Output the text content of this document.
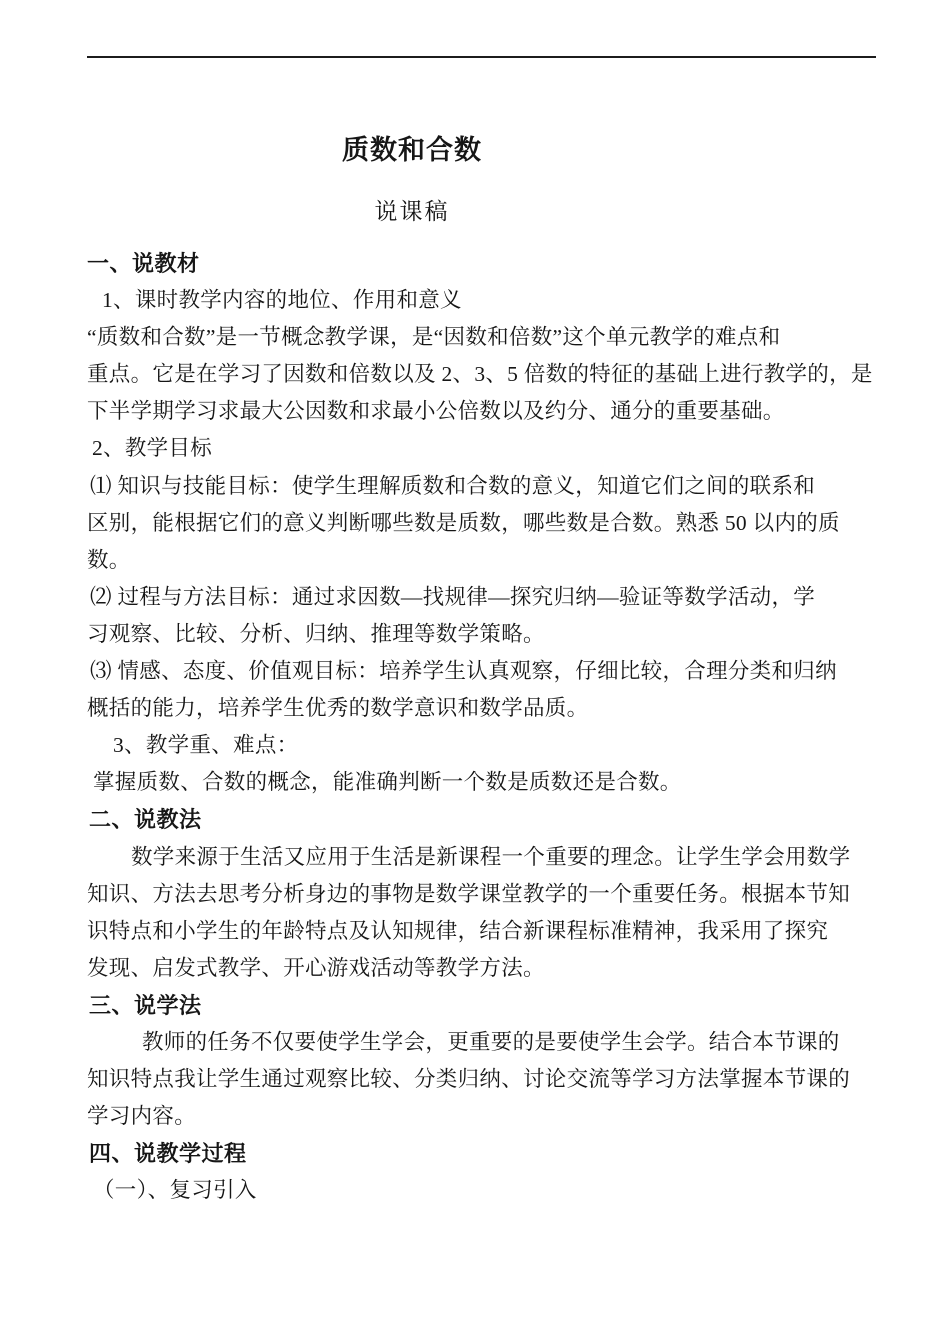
质数和合数
说课稿

一、说教材

1、课时教学内容的地位、作用和意义

“质数和合数”是一节概念教学课，是“因数和倍数”这个单元教学的难点和

重点。它是在学习了因数和倍数以及 2、3、5 倍数的特征的基础上进行教学的，是

下半学期学习求最大公因数和求最小公倍数以及约分、通分的重要基础。

2、教学目标

⑴ 知识与技能目标：使学生理解质数和合数的意义，知道它们之间的联系和

区别，能根据它们的意义判断哪些数是质数，哪些数是合数。熟悉 50 以内的质

数。

⑵ 过程与方法目标：通过求因数—找规律—探究归纳—验证等数学活动，学

习观察、比较、分析、归纳、推理等数学策略。

⑶ 情感、态度、价值观目标：培养学生认真观察，仔细比较，合理分类和归纳

概括的能力，培养学生优秀的数学意识和数学品质。

3、教学重、难点：

掌握质数、合数的概念，能准确判断一个数是质数还是合数。

二、说教法

数学来源于生活又应用于生活是新课程一个重要的理念。让学生学会用数学

知识、方法去思考分析身边的事物是数学课堂教学的一个重要任务。根据本节知

识特点和小学生的年龄特点及认知规律，结合新课程标准精神，我采用了探究

发现、启发式教学、开心游戏活动等教学方法。

三、说学法

教师的任务不仅要使学生学会，更重要的是要使学生会学。结合本节课的

知识特点我让学生通过观察比较、分类归纳、讨论交流等学习方法掌握本节课的

学习内容。

四、说教学过程

（一）、复习引入
